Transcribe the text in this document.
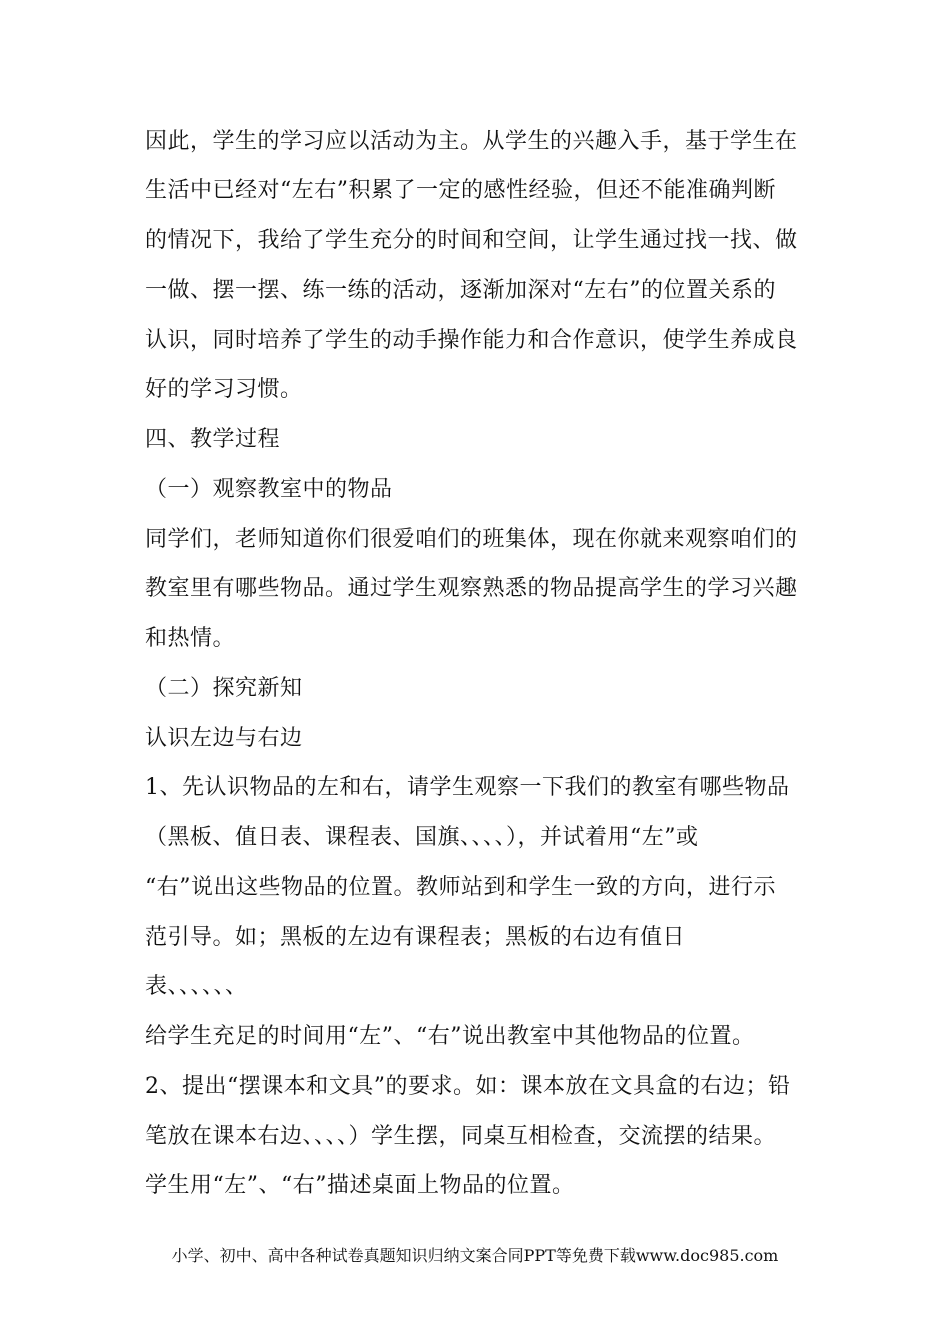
因此，学生的学习应以活动为主。从学生的兴趣入手，基于学生在
生活中已经对“左右”积累了一定的感性经验，但还不能准确判断
的情况下，我给了学生充分的时间和空间，让学生通过找一找、做
一做、摆一摆、练一练的活动，逐渐加深对“左右”的位置关系的
认识，同时培养了学生的动手操作能力和合作意识，使学生养成良
好的学习习惯。
四、教学过程
（一）观察教室中的物品
同学们，老师知道你们很爱咱们的班集体，现在你就来观察咱们的
教室里有哪些物品。通过学生观察熟悉的物品提高学生的学习兴趣
和热情。
（二）探究新知
认识左边与右边
1、先认识物品的左和右，请学生观察一下我们的教室有哪些物品
（黑板、值日表、课程表、国旗、、、、），并试着用“左”或
“右”说出这些物品的位置。教师站到和学生一致的方向，进行示
范引导。如；黑板的左边有课程表；黑板的右边有值日
表、、、、、、
给学生充足的时间用“左”、“右”说出教室中其他物品的位置。
2、提出“摆课本和文具”的要求。如：课本放在文具盒的右边；铅
笔放在课本右边、、、、）学生摆，同桌互相检查，交流摆的结果。
学生用“左”、“右”描述桌面上物品的位置。
小学、初中、高中各种试卷真题知识归纳文案合同PPT等免费下载www.doc985.com
